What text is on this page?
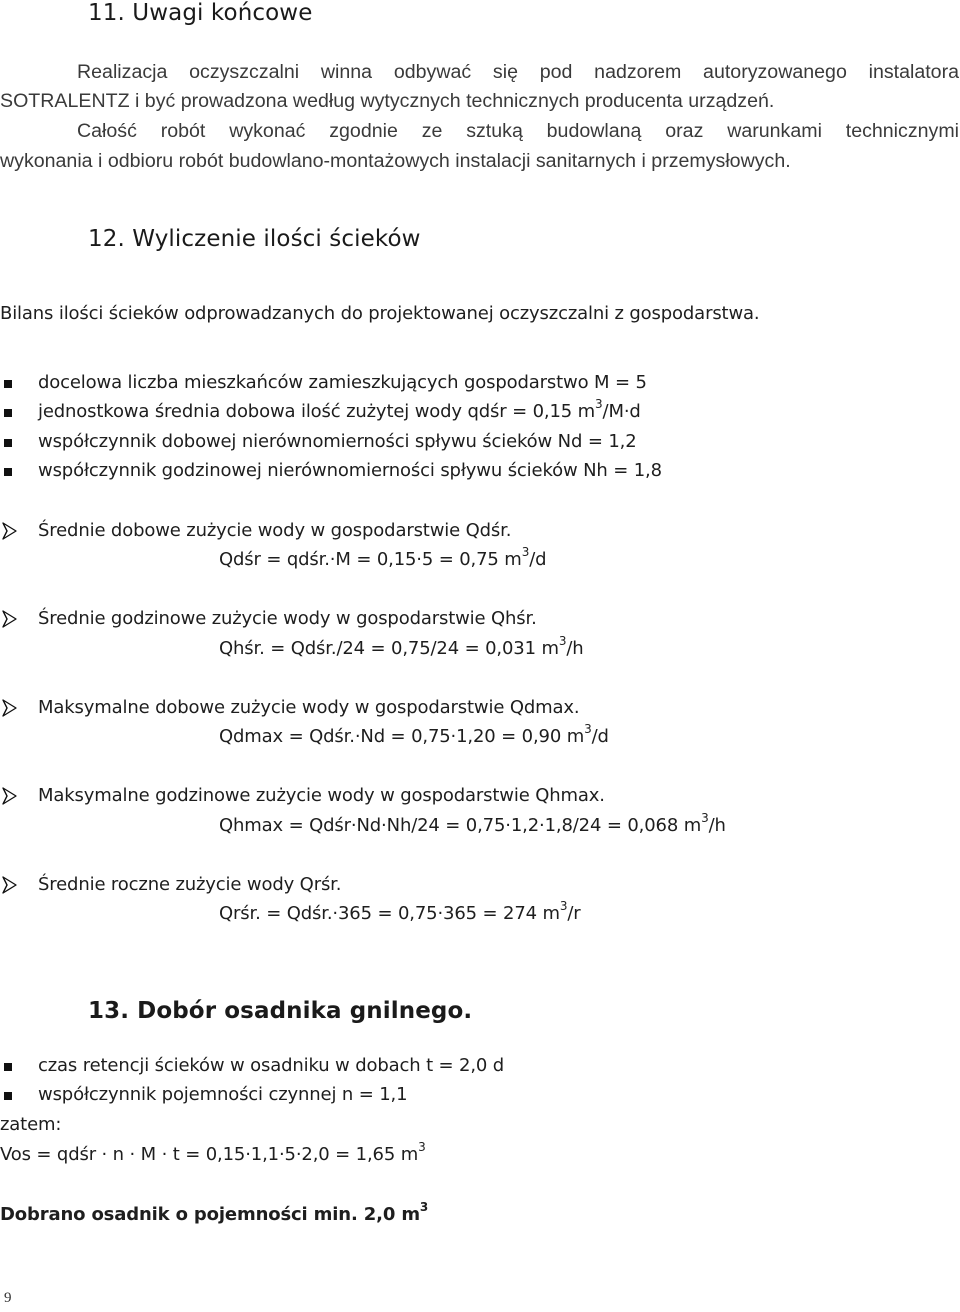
11. Uwagi końcowe
Realizacja oczyszczalni winna odbywać się pod nadzorem autoryzowanego instalatora
SOTRALENTZ i być prowadzona według wytycznych technicznych producenta urządzeń.
Całość robót wykonać zgodnie ze sztuką budowlaną oraz warunkami technicznymi
wykonania i odbioru robót budowlano-montażowych instalacji sanitarnych i przemysłowych.
12. Wyliczenie ilości ścieków
Bilans ilości ścieków odprowadzanych do projektowanej oczyszczalni z gospodarstwa.
docelowa liczba mieszkańców zamieszkujących gospodarstwo M = 5
jednostkowa średnia dobowa ilość zużytej wody qdśr = 0,15 $m^3/M\cdot d$
współczynnik dobowej nierównomierności spływu ścieków Nd = 1,2
współczynnik godzinowej nierównomierności spływu ścieków Nh = 1,8
Średnie dobowe zużycie wody w gospodarstwie Qdśr.
Qdśr = qdśr.·M = 0,15·5 = 0,75 $m^3/d$
Średnie godzinowe zużycie wody w gospodarstwie Qhśr.
Qhśr. = Qdśr./24 = 0,75/24 = 0,031 $m^3/h$
Maksymalne dobowe zużycie wody w gospodarstwie Qdmax.
Qdmax = Qdśr.·Nd = 0,75·1,20 = 0,90 $m^3/d$
Maksymalne godzinowe zużycie wody w gospodarstwie Qhmax.
Qhmax = Qdśr·Nd·Nh/24 = 0,75·1,2·1,8/24 = 0,068 $m^3/h$
Średnie roczne zużycie wody Qrśr.
Qrśr. = Qdśr.·365 = 0,75·365 = 274 $m^3/r$
13. Dobór osadnika gnilnego.
czas retencji ścieków w osadniku w dobach t = 2,0 d
współczynnik pojemności czynnej n = 1,1
zatem:
Vos = qdśr · n · M · t = 0,15·1,1·5·2,0 = 1,65 $m^3$
Dobrano osadnik o pojemności min. 2,0 $m^3$
9
